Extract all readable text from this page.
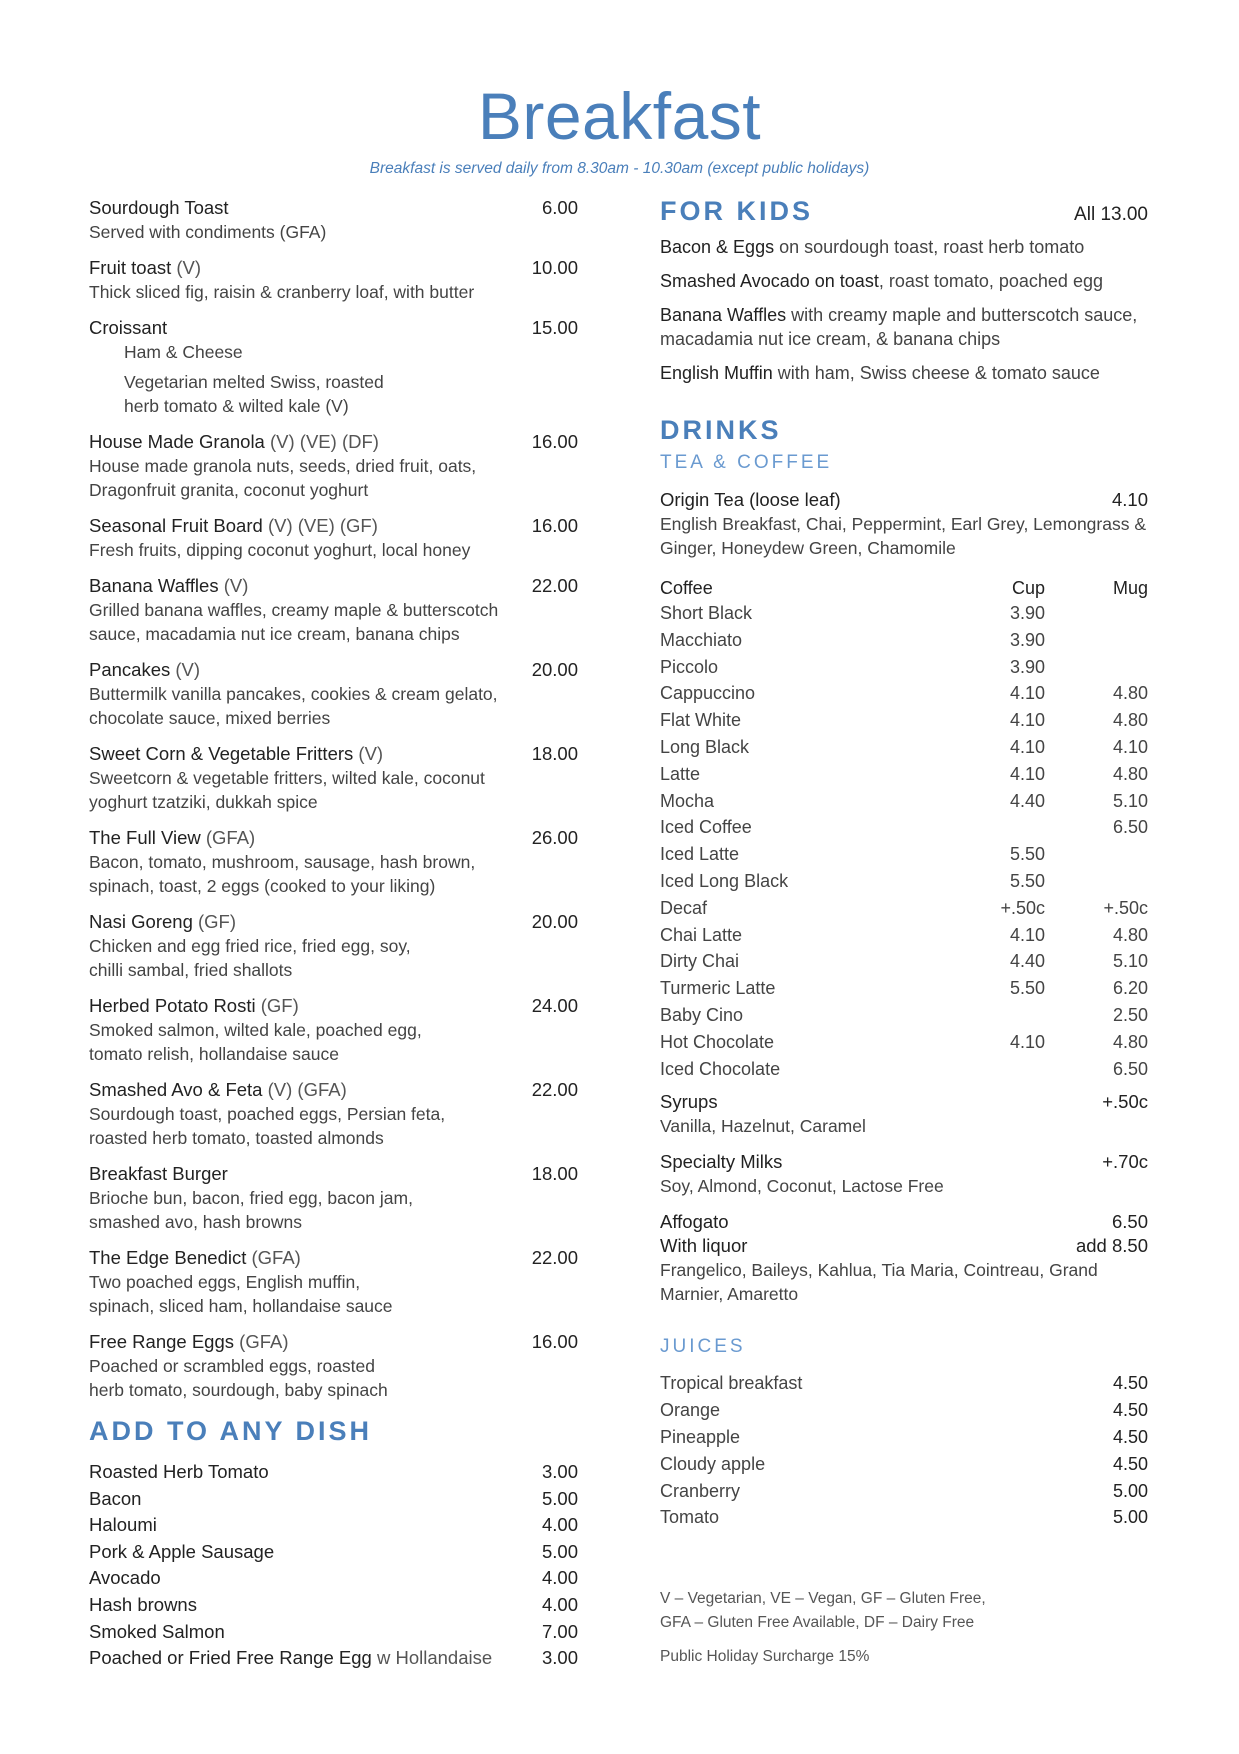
Breakfast
Breakfast is served daily from 8.30am - 10.30am (except public holidays)
Sourdough Toast	6.00
Served with condiments (GFA)
Fruit toast (V)	10.00
Thick sliced fig, raisin & cranberry loaf, with butter
Croissant	15.00
Ham & Cheese
Vegetarian melted Swiss, roasted
herb tomato & wilted kale (V)
House Made Granola (V) (VE) (DF)	16.00
House made granola nuts, seeds, dried fruit, oats,
Dragonfruit granita, coconut yoghurt
Seasonal Fruit Board (V) (VE) (GF)	16.00
Fresh fruits, dipping coconut yoghurt, local honey
Banana Waffles (V)	22.00
Grilled banana waffles, creamy maple & butterscotch
sauce, macadamia nut ice cream, banana chips
Pancakes (V)	20.00
Buttermilk vanilla pancakes, cookies & cream gelato,
chocolate sauce, mixed berries
Sweet Corn & Vegetable Fritters (V)	18.00
Sweetcorn & vegetable fritters, wilted kale, coconut
yoghurt tzatziki, dukkah spice
The Full View (GFA)	26.00
Bacon, tomato, mushroom, sausage, hash brown,
spinach, toast, 2 eggs (cooked to your liking)
Nasi Goreng (GF)	20.00
Chicken and egg fried rice, fried egg, soy,
chilli sambal, fried shallots
Herbed Potato Rosti (GF)	24.00
Smoked salmon, wilted kale, poached egg,
tomato relish, hollandaise sauce
Smashed Avo & Feta (V) (GFA)	22.00
Sourdough toast, poached eggs, Persian feta,
roasted herb tomato, toasted almonds
Breakfast Burger	18.00
Brioche bun, bacon, fried egg, bacon jam,
smashed avo, hash browns
The Edge Benedict (GFA)	22.00
Two poached eggs, English muffin,
spinach, sliced ham, hollandaise sauce
Free Range Eggs (GFA)	16.00
Poached or scrambled eggs, roasted
herb tomato, sourdough, baby spinach
ADD TO ANY DISH
Roasted Herb Tomato	3.00
Bacon	5.00
Haloumi	4.00
Pork & Apple Sausage	5.00
Avocado	4.00
Hash browns	4.00
Smoked Salmon	7.00
Poached or Fried Free Range Egg w Hollandaise	3.00
FOR KIDS	All 13.00
Bacon & Eggs on sourdough toast, roast herb tomato
Smashed Avocado on toast, roast tomato, poached egg
Banana Waffles with creamy maple and butterscotch sauce, macadamia nut ice cream, & banana chips
English Muffin with ham, Swiss cheese & tomato sauce
DRINKS
TEA & COFFEE
Origin Tea (loose leaf)	4.10
English Breakfast, Chai, Peppermint, Earl Grey, Lemongrass & Ginger, Honeydew Green, Chamomile
Coffee	Cup	Mug
Short Black	3.90	
Macchiato	3.90	
Piccolo	3.90	
Cappuccino	4.10	4.80
Flat White	4.10	4.80
Long Black	4.10	4.10
Latte	4.10	4.80
Mocha	4.40	5.10
Iced Coffee		6.50
Iced Latte	5.50	
Iced Long Black	5.50	
Decaf	+.50c	+.50c
Chai Latte	4.10	4.80
Dirty Chai	4.40	5.10
Turmeric Latte	5.50	6.20
Baby Cino		2.50
Hot Chocolate	4.10	4.80
Iced Chocolate		6.50
Syrups	+.50c
Vanilla, Hazelnut, Caramel
Specialty Milks	+.70c
Soy, Almond, Coconut, Lactose Free
Affogato	6.50
With liquor	add 8.50
Frangelico, Baileys, Kahlua, Tia Maria, Cointreau, Grand Marnier, Amaretto
JUICES
Tropical breakfast	4.50
Orange	4.50
Pineapple	4.50
Cloudy apple	4.50
Cranberry	5.00
Tomato	5.00
V – Vegetarian, VE – Vegan, GF – Gluten Free,
GFA – Gluten Free Available, DF – Dairy Free
Public Holiday Surcharge 15%
